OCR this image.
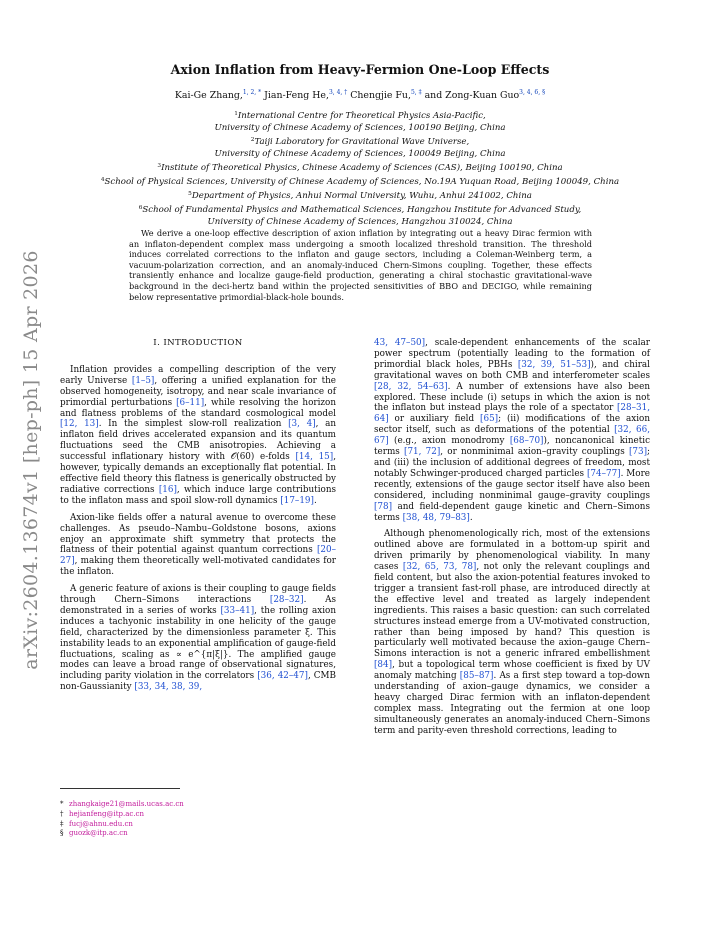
arXiv:2604.13674v1 [hep-ph] 15 Apr 2026
Axion Inflation from Heavy-Fermion One-Loop Effects
Kai-Ge Zhang,$^{1, 2, *}$ Jian-Feng He,$^{3, 4, \dagger}$ Chengjie Fu,$^{5, \ddagger}$ and Zong-Kuan Guo$^{3, 4, 6, \S}$
$^1$International Centre for Theoretical Physics Asia-Pacific,
University of Chinese Academy of Sciences, 100190 Beijing, China
$^2$Taiji Laboratory for Gravitational Wave Universe,
University of Chinese Academy of Sciences, 100049 Beijing, China
$^3$Institute of Theoretical Physics, Chinese Academy of Sciences (CAS), Beijing 100190, China
$^4$School of Physical Sciences, University of Chinese Academy of Sciences, No.19A Yuquan Road, Beijing 100049, China
$^5$Department of Physics, Anhui Normal University, Wuhu, Anhui 241002, China
$^6$School of Fundamental Physics and Mathematical Sciences, Hangzhou Institute for Advanced Study,
University of Chinese Academy of Sciences, Hangzhou 310024, China
We derive a one-loop effective description of axion inflation by integrating out a heavy Dirac fermion with an inflaton-dependent complex mass undergoing a smooth localized threshold transition. The threshold induces correlated corrections to the inflaton and gauge sectors, including a Coleman-Weinberg term, a vacuum-polarization correction, and an anomaly-induced Chern-Simons coupling. Together, these effects transiently enhance and localize gauge-field production, generating a chiral stochastic gravitational-wave background in the deci-hertz band within the projected sensitivities of BBO and DECIGO, while remaining below representative primordial-black-hole bounds.
I. INTRODUCTION

Inflation provides a compelling description of the very early Universe [1–5], offering a unified explanation for the observed homogeneity, isotropy, and near scale invariance of primordial perturbations [6–11], while resolving the horizon and flatness problems of the standard cosmological model [12, 13]. In the simplest slow-roll realization [3, 4], an inflaton field drives accelerated expansion and its quantum fluctuations seed the CMB anisotropies. Achieving a successful inflationary history with 𝒪(60) e-folds [14, 15], however, typically demands an exceptionally flat potential. In effective field theory this flatness is generically obstructed by radiative corrections [16], which induce large contributions to the inflaton mass and spoil slow-roll dynamics [17–19].

Axion-like fields offer a natural avenue to overcome these challenges. As pseudo–Nambu–Goldstone bosons, axions enjoy an approximate shift symmetry that protects the flatness of their potential against quantum corrections [20–27], making them theoretically well-motivated candidates for the inflaton.

A generic feature of axions is their coupling to gauge fields through Chern–Simons interactions [28–32]. As demonstrated in a series of works [33–41], the rolling axion induces a tachyonic instability in one helicity of the gauge field, characterized by the dimensionless parameter ξ. This instability leads to an exponential amplification of gauge-field fluctuations, scaling as ∝ e^{π|ξ|}. The amplified gauge modes can leave a broad range of observational signatures, including parity violation in the correlators [36, 42–47], CMB non-Gaussianity [33, 34, 38, 39,

43, 47–50], scale-dependent enhancements of the scalar power spectrum (potentially leading to the formation of primordial black holes, PBHs [32, 39, 51–53]), and chiral gravitational waves on both CMB and interferometer scales [28, 32, 54–63]. A number of extensions have also been explored. These include (i) setups in which the axion is not the inflaton but instead plays the role of a spectator [28–31, 64] or auxiliary field [65]; (ii) modifications of the axion sector itself, such as deformations of the potential [32, 66, 67] (e.g., axion monodromy [68–70]), noncanonical kinetic terms [71, 72], or nonminimal axion–gravity couplings [73]; and (iii) the inclusion of additional degrees of freedom, most notably Schwinger-produced charged particles [74–77]. More recently, extensions of the gauge sector itself have also been considered, including nonminimal gauge–gravity couplings [78] and field-dependent gauge kinetic and Chern–Simons terms [38, 48, 79–83].

Although phenomenologically rich, most of the extensions outlined above are formulated in a bottom-up spirit and driven primarily by phenomenological viability. In many cases [32, 65, 73, 78], not only the relevant couplings and field content, but also the axion-potential features invoked to trigger a transient fast-roll phase, are introduced directly at the effective level and treated as largely independent ingredients. This raises a basic question: can such correlated structures instead emerge from a UV-motivated construction, rather than being imposed by hand? This question is particularly well motivated because the axion–gauge Chern–Simons interaction is not a generic infrared embellishment [84], but a topological term whose coefficient is fixed by UV anomaly matching [85–87]. As a first step toward a top-down understanding of axion–gauge dynamics, we consider a heavy charged Dirac fermion with an inflaton-dependent complex mass. Integrating out the fermion at one loop simultaneously generates an anomaly-induced Chern–Simons term and parity-even threshold corrections, leading to

* zhangkaige21@mails.ucas.ac.cn
† hejianfeng@itp.ac.cn
‡ fucj@ahnu.edu.cn
§ guozk@itp.ac.cn
